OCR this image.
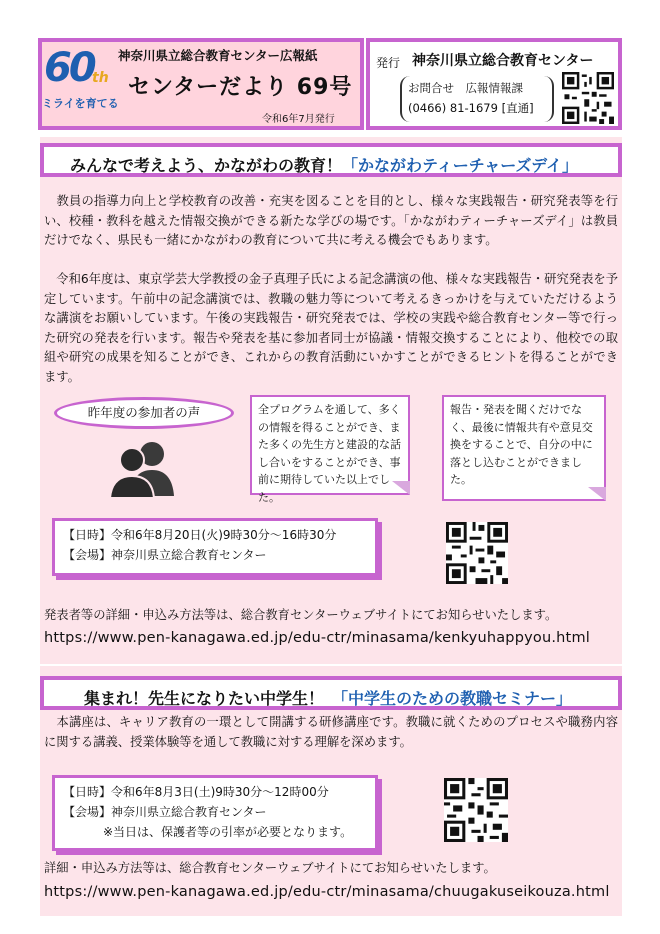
60
th
ミライを育てる
神奈川県立総合教育センター広報紙
センターだより 69号
令和6年7月発行
発行 神奈川県立総合教育センター
お問合せ　広報情報課
(0466) 81-1679 [直通]
みんなで考えよう、かながわの教育！「かながわティーチャーズデイ」
　教員の指導力向上と学校教育の改善・充実を図ることを目的とし、様々な実践報告・研究発表等を行い、校種・教科を越えた情報交換ができる新たな学びの場です。「かながわティーチャーズデイ」は教員だけでなく、県民も一緒にかながわの教育について共に考える機会でもあります。
　令和6年度は、東京学芸大学教授の金子真理子氏による記念講演の他、様々な実践報告・研究発表を予定しています。午前中の記念講演では、教職の魅力等について考えるきっかけを与えていただけるような講演をお願いしています。午後の実践報告・研究発表では、学校の実践や総合教育センター等で行った研究の発表を行います。報告や発表を基に参加者同士が協議・情報交換することにより、他校での取組や研究の成果を知ることができ、これからの教育活動にいかすことができるヒントを得ることができます。
昨年度の参加者の声	全プログラムを通して、多くの情報を得ることができ、また多くの先生方と建設的な話し合いをすることができ、事前に期待していた以上でした。
報告・発表を聞くだけでなく、最後に情報共有や意見交換をすることで、自分の中に落とし込むことができました。
【日時】令和6年8月20日(火)9時30分～16時30分
【会場】神奈川県立総合教育センター
発表者等の詳細・申込み方法等は、総合教育センターウェブサイトにてお知らせいたします。
https://www.pen-kanagawa.ed.jp/edu-ctr/minasama/kenkyuhappyou.html
集まれ！先生になりたい中学生！　「中学生のための教職セミナー」
　本講座は、キャリア教育の一環として開講する研修講座です。教職に就くためのプロセスや職務内容に関する講義、授業体験等を通して教職に対する理解を深めます。
【日時】令和6年8月3日(土)9時30分～12時00分
【会場】神奈川県立総合教育センター
※当日は、保護者等の引率が必要となります。
詳細・申込み方法等は、総合教育センターウェブサイトにてお知らせいたします。
https://www.pen-kanagawa.ed.jp/edu-ctr/minasama/chuugakuseikouza.html
